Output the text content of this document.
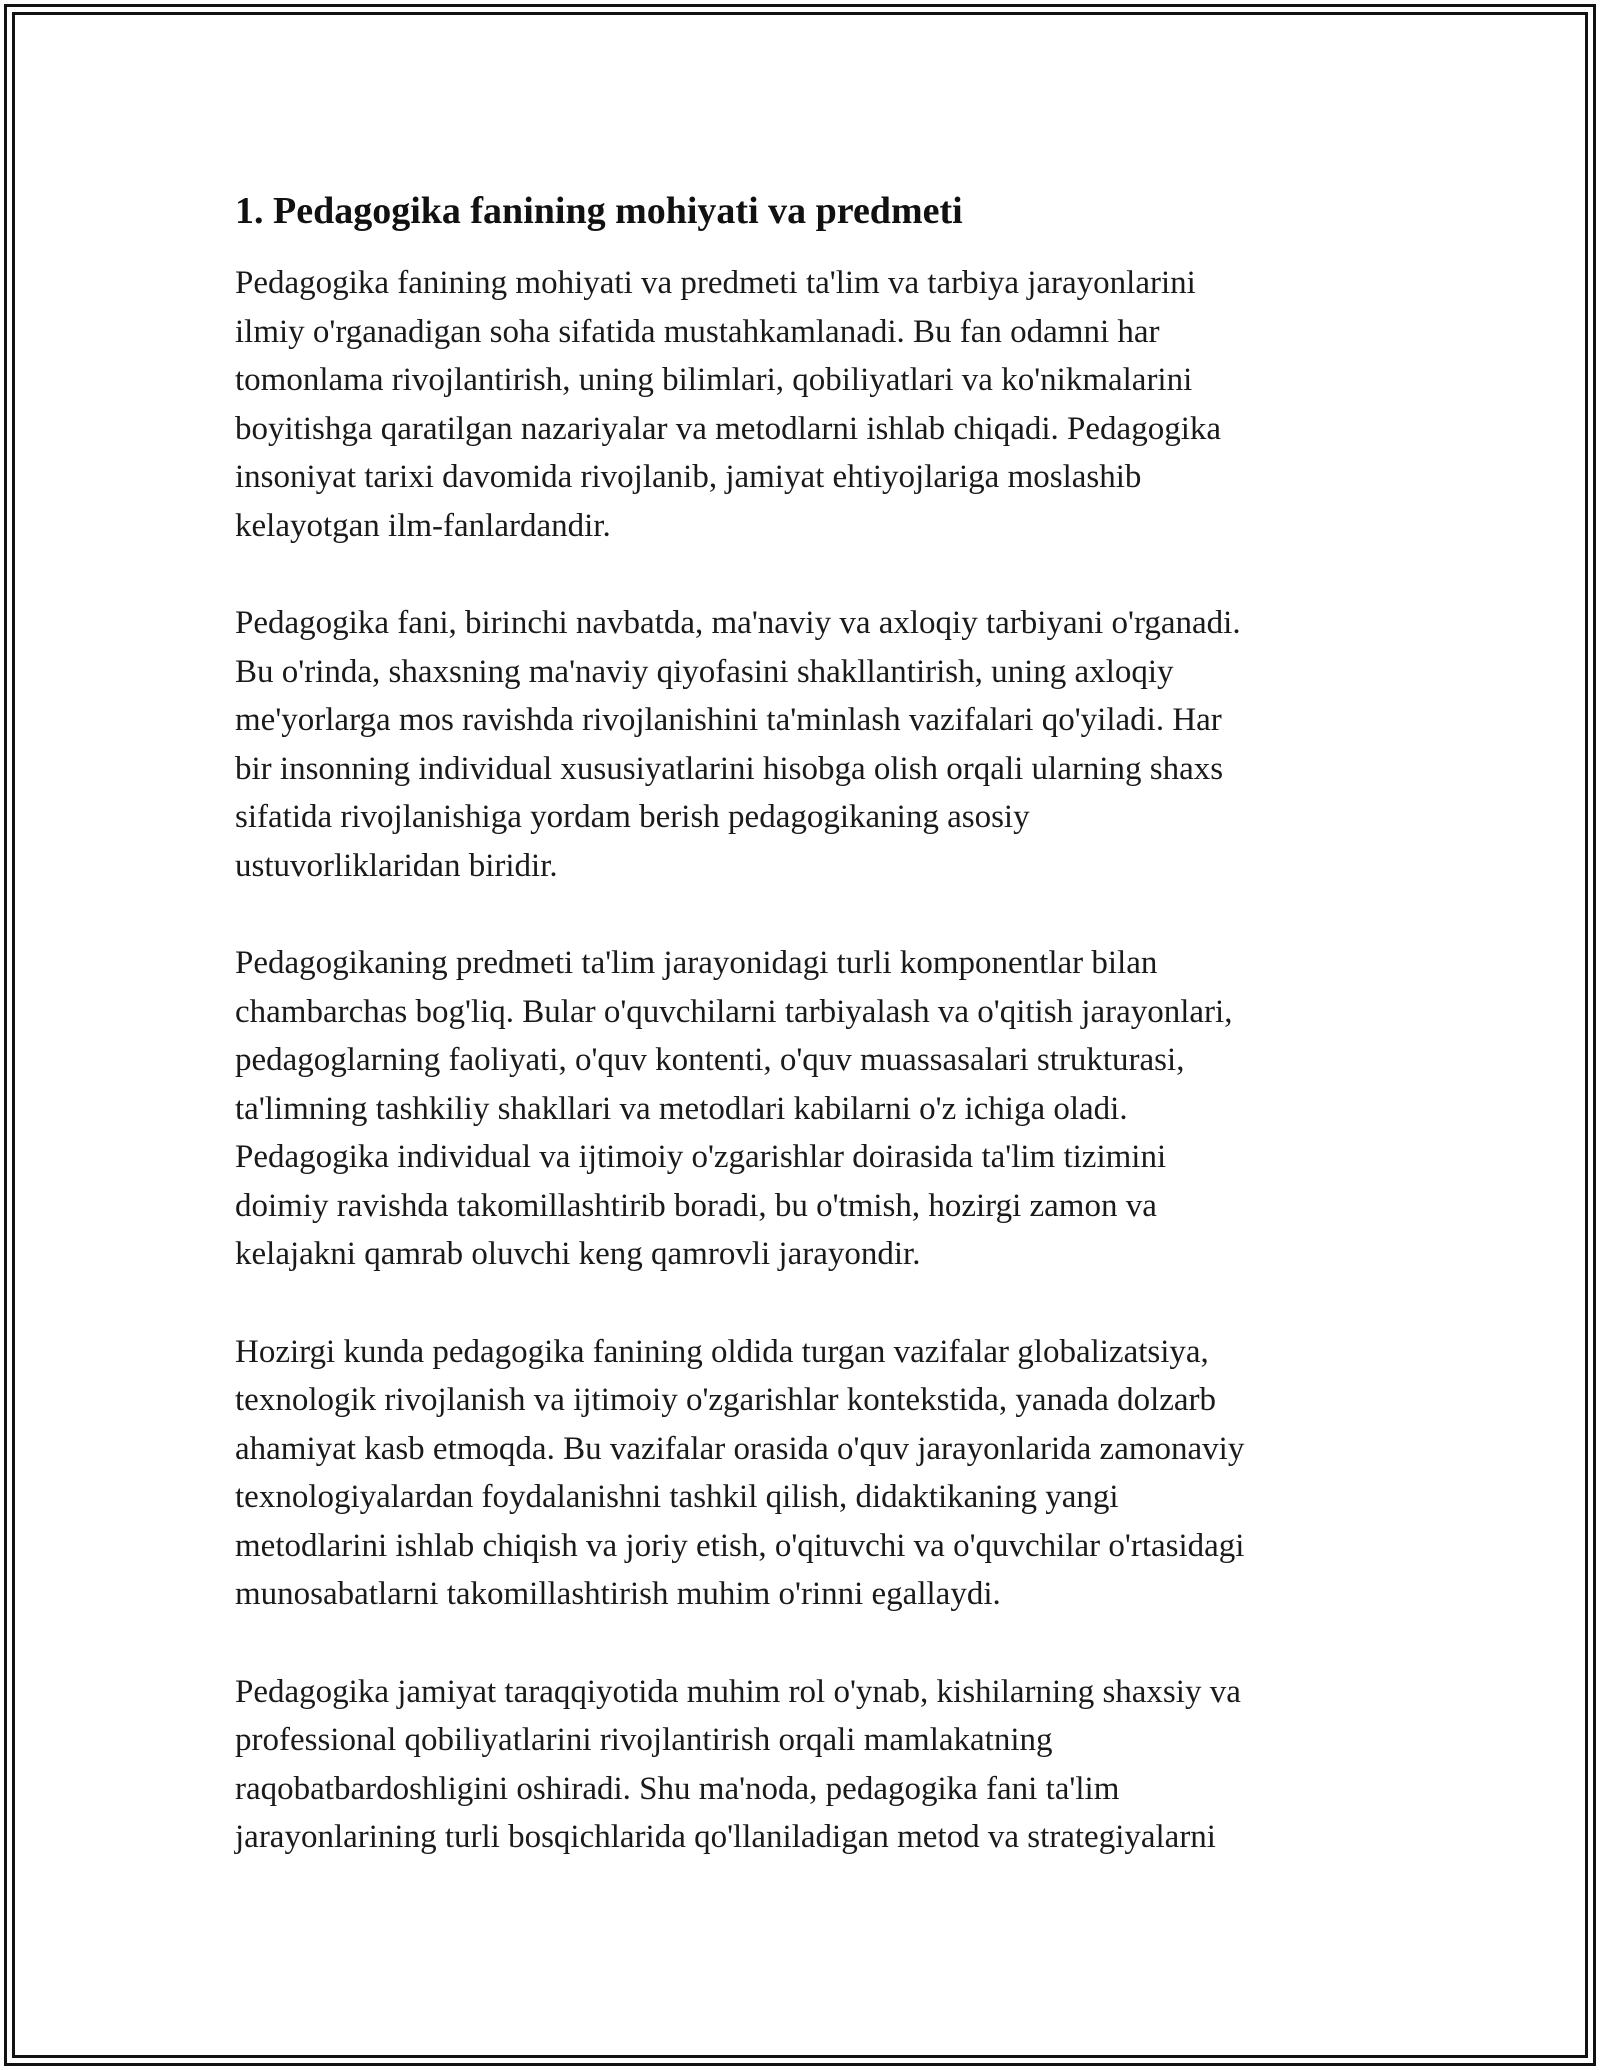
1. Pedagogika fanining mohiyati va predmeti

Pedagogika fanining mohiyati va predmeti ta'lim va tarbiya jarayonlarini
ilmiy o'rganadigan soha sifatida mustahkamlanadi. Bu fan odamni har
tomonlama rivojlantirish, uning bilimlari, qobiliyatlari va ko'nikmalarini
boyitishga qaratilgan nazariyalar va metodlarni ishlab chiqadi. Pedagogika
insoniyat tarixi davomida rivojlanib, jamiyat ehtiyojlariga moslashib
kelayotgan ilm-fanlardandir.

Pedagogika fani, birinchi navbatda, ma'naviy va axloqiy tarbiyani o'rganadi.
Bu o'rinda, shaxsning ma'naviy qiyofasini shakllantirish, uning axloqiy
me'yorlarga mos ravishda rivojlanishini ta'minlash vazifalari qo'yiladi. Har
bir insonning individual xususiyatlarini hisobga olish orqali ularning shaxs
sifatida rivojlanishiga yordam berish pedagogikaning asosiy
ustuvorliklaridan biridir.

Pedagogikaning predmeti ta'lim jarayonidagi turli komponentlar bilan
chambarchas bog'liq. Bular o'quvchilarni tarbiyalash va o'qitish jarayonlari,
pedagoglarning faoliyati, o'quv kontenti, o'quv muassasalari strukturasi,
ta'limning tashkiliy shakllari va metodlari kabilarni o'z ichiga oladi.
Pedagogika individual va ijtimoiy o'zgarishlar doirasida ta'lim tizimini
doimiy ravishda takomillashtirib boradi, bu o'tmish, hozirgi zamon va
kelajakni qamrab oluvchi keng qamrovli jarayondir.

Hozirgi kunda pedagogika fanining oldida turgan vazifalar globalizatsiya,
texnologik rivojlanish va ijtimoiy o'zgarishlar kontekstida, yanada dolzarb
ahamiyat kasb etmoqda. Bu vazifalar orasida o'quv jarayonlarida zamonaviy
texnologiyalardan foydalanishni tashkil qilish, didaktikaning yangi
metodlarini ishlab chiqish va joriy etish, o'qituvchi va o'quvchilar o'rtasidagi
munosabatlarni takomillashtirish muhim o'rinni egallaydi.

Pedagogika jamiyat taraqqiyotida muhim rol o'ynab, kishilarning shaxsiy va
professional qobiliyatlarini rivojlantirish orqali mamlakatning
raqobatbardoshligini oshiradi. Shu ma'noda, pedagogika fani ta'lim
jarayonlarining turli bosqichlarida qo'llaniladigan metod va strategiyalarni
